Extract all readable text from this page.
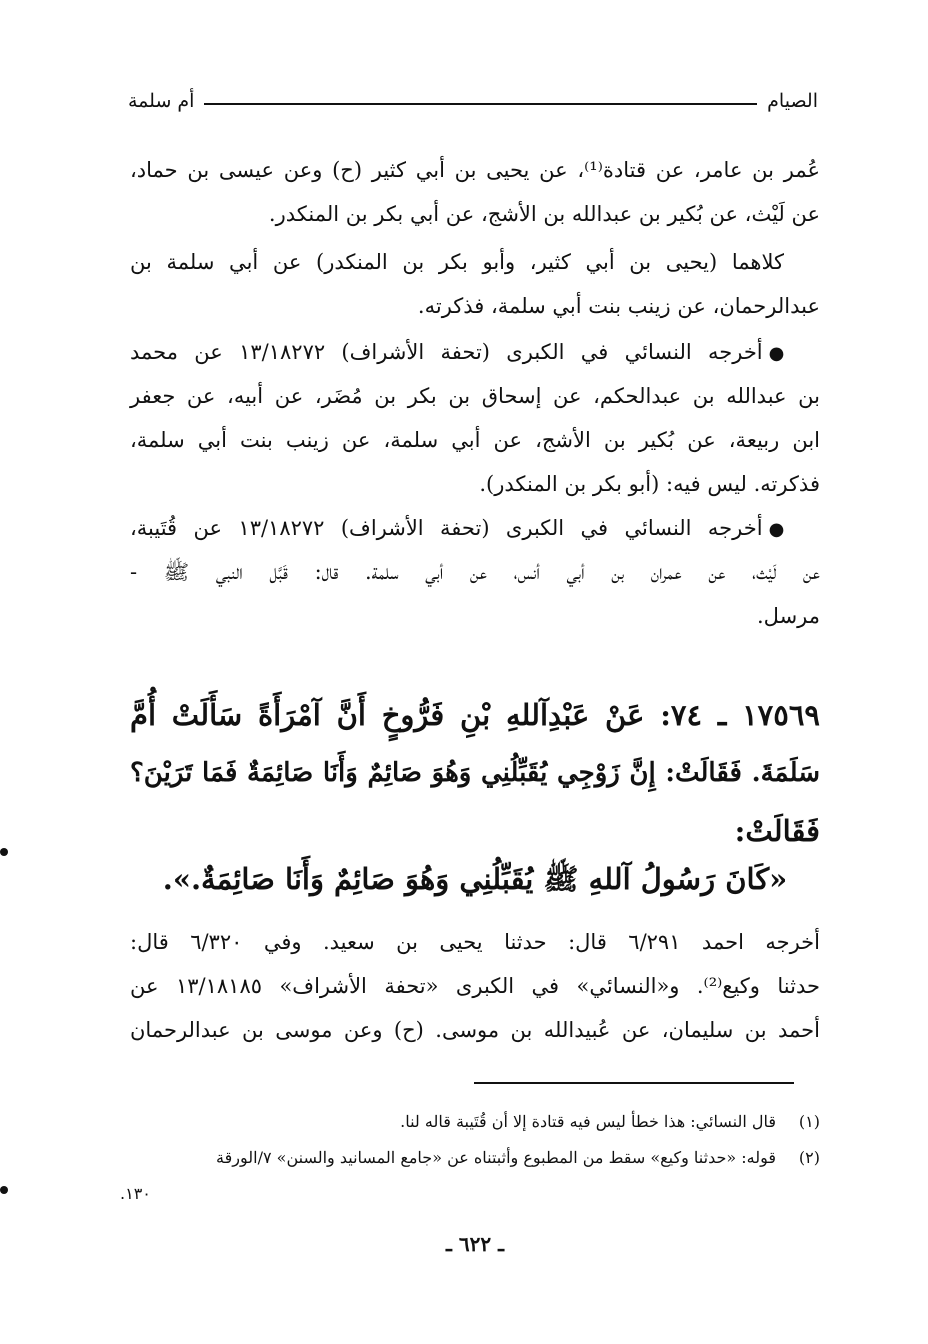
الصيام
أم سلمة
عُمر بن عامر، عن قتادة⁽¹⁾، عن يحيى بن أبي كثير (ح) وعن عيسى بن حماد،
عن لَيْث، عن بُكير بن عبدالله بن الأشج، عن أبي بكر بن المنكدر.
كلاهما (يحيى بن أبي كثير، وأبو بكر بن المنكدر) عن أبي سلمة بن
عبدالرحمان، عن زينب بنت أبي سلمة، فذكرته.
●أخرجه النسائي في الكبرى (تحفة الأشراف) ١٣/١٨٢٧٢ عن محمد
بن عبدالله بن عبدالحكم، عن إسحاق بن بكر بن مُضَر، عن أبيه، عن جعفر
ابن ربيعة، عن بُكير بن الأشج، عن أبي سلمة، عن زينب بنت أبي سلمة،
فذكرته. ليس فيه: (أبو بكر بن المنكدر).
●أخرجه النسائي في الكبرى (تحفة الأشراف) ١٣/١٨٢٧٢ عن قُتَيبة،
عن لَيْث، عن عمران بن أبي أنس، عن أبي سلمة. قال: قَبَّل النبي ﷺ -
مرسل.
١٧٥٦٩ ـ ٧٤: عَنْ عَبْدِآللهِ بْنِ فَرُّوخٍ أَنَّ آمْرَأَةً سَأَلَتْ أُمَّ
سَلَمَةَ. فَقَالَتْ: إِنَّ زَوْجِي يُقَبِّلُنِي وَهُوَ صَائِمٌ وَأَنَا صَائِمَةٌ فَمَا تَرَيْنَ؟
فَقَالَتْ:
«كَانَ رَسُولُ آللهِ ﷺ يُقَبِّلُنِي وَهُوَ صَائِمٌ وَأَنَا صَائِمَةٌ.».
أخرجه احمد ٦/٢٩١ قال: حدثنا يحيى بن سعيد. وفي ٦/٣٢٠ قال:
حدثنا وكيع⁽²⁾. و«النسائي» في الكبرى «تحفة الأشراف» ١٣/١٨١٨٥ عن
أحمد بن سليمان، عن عُبيدالله بن موسى. (ح) وعن موسى بن عبدالرحمان
(١)قال النسائي: هذا خطأ ليس فيه قتادة إلا أن قُتَيبة قاله لنا.
(٢)قوله: «حدثنا وكيع» سقط من المطبوع وأثبتناه عن «جامع المسانيد والسنن» ٧/الورقة
١٣٠.
ـ ٦٢٢ ـ
